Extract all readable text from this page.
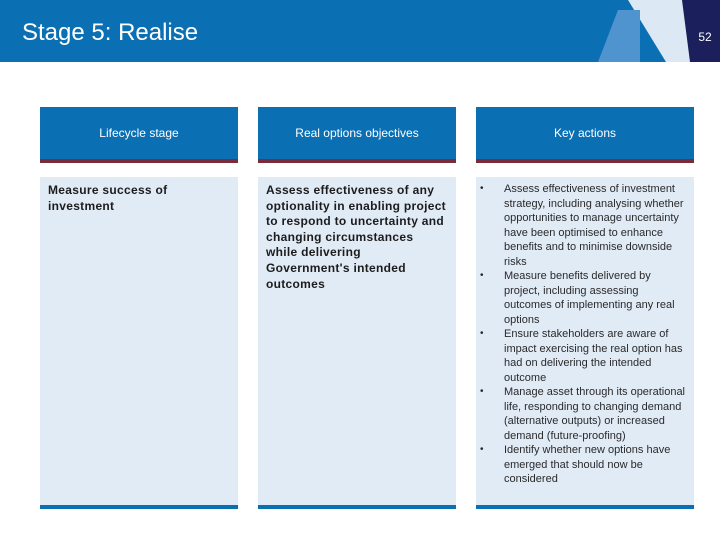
Stage 5: Realise	52
Lifecycle stage
Measure success of investment
Real options objectives
Assess effectiveness of any optionality in enabling project to respond to uncertainty and changing circumstances while delivering Government's intended outcomes
Key actions
• Assess effectiveness of investment strategy, including analysing whether opportunities to manage uncertainty have been optimised to enhance benefits and to minimise downside risks
• Measure benefits delivered by project, including assessing outcomes of implementing any real options
• Ensure stakeholders are aware of impact exercising the real option has had on delivering the intended outcome
• Manage asset through its operational life, responding to changing demand (alternative outputs) or increased demand (future-proofing)
• Identify whether new options have emerged that should now be considered
